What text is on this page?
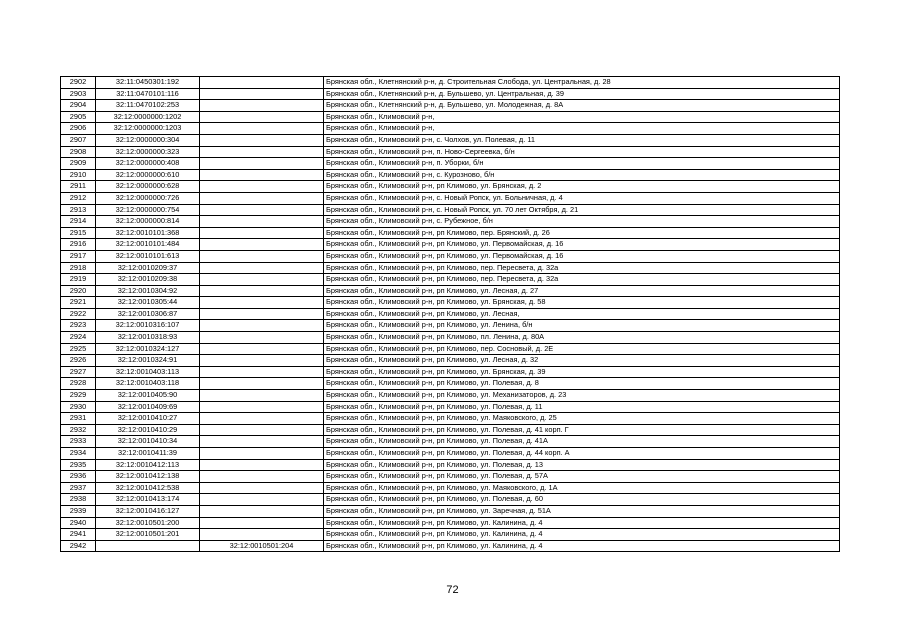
2902	32:11:0450301:192		Брянская обл., Клетнянский р-н, д. Строительная Слобода, ул. Центральная, д. 28
2903	32:11:0470101:116		Брянская обл., Клетнянский р-н, д. Бульшево, ул. Центральная, д. 39
2904	32:11:0470102:253		Брянская обл., Клетнянский р-н, д. Бульшево, ул. Молодежная, д. 8А
2905	32:12:0000000:1202		Брянская обл., Климовский р-н,
2906	32:12:0000000:1203		Брянская обл., Климовский р-н,
2907	32:12:0000000:304		Брянская обл., Климовский р-н, с. Чолхов, ул. Полевая, д. 11
2908	32:12:0000000:323		Брянская обл., Климовский р-н, п. Ново-Сергеевка, б/н
2909	32:12:0000000:408		Брянская обл., Климовский р-н, п. Уборки, б/н
2910	32:12:0000000:610		Брянская обл., Климовский р-н, с. Курозново, б/н
2911	32:12:0000000:628		Брянская обл., Климовский р-н, рп Климово, ул. Брянская, д. 2
2912	32:12:0000000:726		Брянская обл., Климовский р-н, с. Новый Ропск, ул. Больничная, д. 4
2913	32:12:0000000:754		Брянская обл., Климовский р-н, с. Новый Ропск, ул. 70 лет Октября, д. 21
2914	32:12:0000000:814		Брянская обл., Климовский р-н, с. Рубежное, б/н
2915	32:12:0010101:368		Брянская обл., Климовский р-н, рп Климово, пер. Брянский, д. 26
2916	32:12:0010101:484		Брянская обл., Климовский р-н, рп Климово, ул. Первомайская, д. 16
2917	32:12:0010101:613		Брянская обл., Климовский р-н, рп Климово, ул. Первомайская, д. 16
2918	32:12:0010209:37		Брянская обл., Климовский р-н, рп Климово, пер. Пересвета, д. 32а
2919	32:12:0010209:38		Брянская обл., Климовский р-н, рп Климово, пер. Пересвета, д. 32а
2920	32:12:0010304:92		Брянская обл., Климовский р-н, рп Климово, ул. Лесная, д. 27
2921	32:12:0010305:44		Брянская обл., Климовский р-н, рп Климово, ул. Брянская, д. 58
2922	32:12:0010306:87		Брянская обл., Климовский р-н, рп Климово, ул. Лесная,
2923	32:12:0010316:107		Брянская обл., Климовский р-н, рп Климово, ул. Ленина, б/н
2924	32:12:0010318:93		Брянская обл., Климовский р-н, рп Климово, пл. Ленина, д. 80А
2925	32:12:0010324:127		Брянская обл., Климовский р-н, рп Климово, пер. Сосновый, д. 2Е
2926	32:12:0010324:91		Брянская обл., Климовский р-н, рп Климово, ул. Лесная, д. 32
2927	32:12:0010403:113		Брянская обл., Климовский р-н, рп Климово, ул. Брянская, д. 39
2928	32:12:0010403:118		Брянская обл., Климовский р-н, рп Климово, ул. Полевая, д. 8
2929	32:12:0010405:90		Брянская обл., Климовский р-н, рп Климово, ул. Механизаторов, д. 23
2930	32:12:0010409:69		Брянская обл., Климовский р-н, рп Климово, ул. Полевая, д. 11
2931	32:12:0010410:27		Брянская обл., Климовский р-н, рп Климово, ул. Маяковского, д. 25
2932	32:12:0010410:29		Брянская обл., Климовский р-н, рп Климово, ул. Полевая, д. 41 корп. Г
2933	32:12:0010410:34		Брянская обл., Климовский р-н, рп Климово, ул. Полевая, д. 41А
2934	32:12:0010411:39		Брянская обл., Климовский р-н, рп Климово, ул. Полевая, д. 44 корп. А
2935	32:12:0010412:113		Брянская обл., Климовский р-н, рп Климово, ул. Полевая, д. 13
2936	32:12:0010412:138		Брянская обл., Климовский р-н, рп Климово, ул. Полевая, д. 57А
2937	32:12:0010412:538		Брянская обл., Климовский р-н, рп Климово, ул. Маяковского, д. 1А
2938	32:12:0010413:174		Брянская обл., Климовский р-н, рп Климово, ул. Полевая, д. 60
2939	32:12:0010416:127		Брянская обл., Климовский р-н, рп Климово, ул. Заречная, д. 51А
2940	32:12:0010501:200		Брянская обл., Климовский р-н, рп Климово, ул. Калинина, д. 4
2941	32:12:0010501:201		Брянская обл., Климовский р-н, рп Климово, ул. Калинина, д. 4
2942		32:12:0010501:204	Брянская обл., Климовский р-н, рп Климово, ул. Калинина, д. 4
72
